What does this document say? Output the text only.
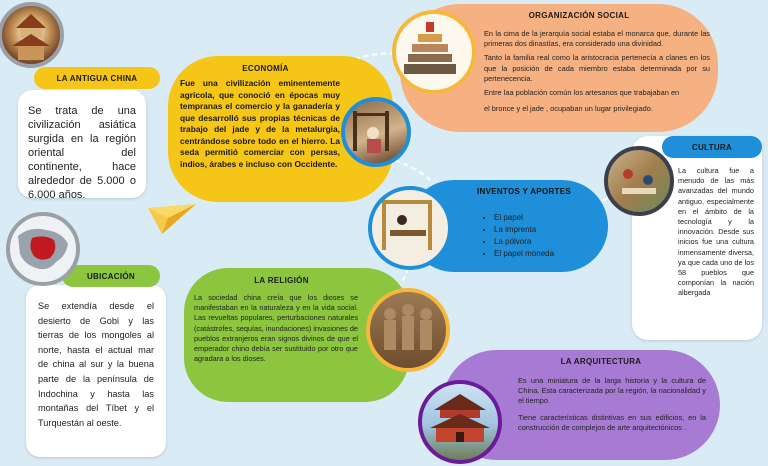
Se trata de una civilización asiática surgida en la región oriental del continente, hace alrededor de 5.000 o 6.000 años.
LA ANTIGUA CHINA
Se extendía desde el desierto de Gobi y las tierras de los mongoles al norte, hasta el actual mar de china al sur y la buena parte de la península de Indochina y hasta las montañas del Tíbet y el Turquestán al oeste.
UBICACIÓN
ECONOMÍA
Fue una civilización eminentemente agrícola, que conoció en épocas muy tempranas el comercio y la ganadería y que desarrolló sus propias técnicas de trabajo del jade y de la metalurgia, centrándose sobre todo en el hierro. La seda permitió comerciar con persas, indios, árabes e incluso con Occidente.
LA RELIGIÓN
La sociedad china creía que los dioses se manifestaban en la naturaleza y en la vida social. Las revueltas populares, perturbaciones naturales (catástrofes, sequías, inundaciones) invasiones de pueblos extranjeros eran signos divinos de que el emperador chino debía ser sustituido por otro que agradara a los dioses.
ORGANIZACIÓN SOCIAL

En la cima de la jerarquía social estaba el monarca que, durante las primeras dos dinastías, era considerado una divinidad.

Tanto la familia real como la aristocracia pertenecía a clanes en los que la posición de cada miembro estaba determinada por su pertenecencia.

Entre laa población común los artesanos que trabajaban en

el bronce y el jade , ocupaban un lugar privilegiado.

INVENTOS Y APORTES
• El papel
• La imprenta
• La pólvora
• El papel moneda
La cultura fue a menudo de las más avanzadas del mundo antiguo, especialmente en el ámbito de la tecnología y la innovación. Desde sus inicios fue una cultura inmensamente diversa, ya que cada uno de los 58 pueblos que componían la nación albergada
CULTURA
LA ARQUITECTURA

Es una miniatura de la larga historia y la cultura de China. Esta caracterizada por la región, la nacionalidad y el tiempo.

Tiene características distintivas en sus edificios, en la construcción de complejos de arte arquitectónicos .
